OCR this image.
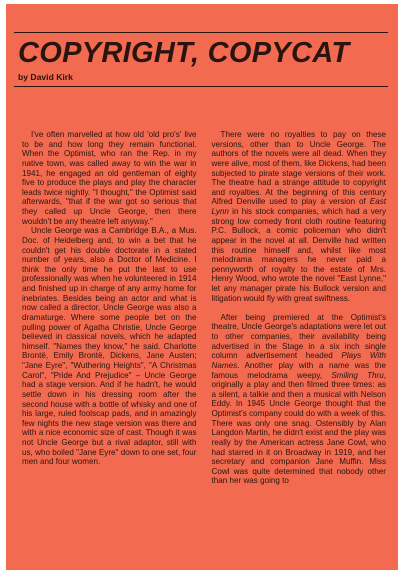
COPYRIGHT, COPYCAT
by David Kirk

I've often marvelled at how old 'old pro's' live to be and how long they remain functional. When the Optimist, who ran the Rep. in my native town, was called away to win the war in 1941, he engaged an old gentleman of eighty five to produce the plays and play the character leads twice nightly. "I thought," the Optimist said afterwards, "that if the war got so serious that they called up Uncle George, then there wouldn't be any theatre left anyway."

Uncle George was a Cambridge B.A., a Mus. Doc. of Heidelberg and, to win a bet that he couldn't get his double doctorate in a stated number of years, also a Doctor of Medicine. I think the only time he put the last to use professionally was when he volunteered in 1914 and finished up in charge of any army home for inebriates. Besides being an actor and what is now called a director, Uncle George was also a dramaturge. Where some people bet on the pulling power of Agatha Christie, Uncle George believed in classical novels, which he adapted himself. "Names they know," he said. Charlotte Brontë, Emily Brontë, Dickens, Jane Austen; "Jane Eyre", "Wuthering Heights", "A Christmas Carol", "Pride And Prejudice" – Uncle George had a stage version. And if he hadn't, he would settle down in his dressing room after the second house with a bottle of whisky and one of his large, ruled foolscap pads, and in amazingly few nights the new stage version was there and with a nice economic size of cast. Though it was not Uncle George but a rival adaptor, still with us, who boiled "Jane Eyre" down to one set, four men and four women.

There were no royalties to pay on these versions, other than to Uncle George. The authors of the novels were all dead. When they were alive, most of them, like Dickens, had been subjected to pirate stage versions of their work. The theatre had a strange attitude to copyright and royalties. At the beginning of this century Alfred Denville used to play a version of East Lynn in his stock companies, which had a very strong low comedy front cloth routine featuring P.C. Bullock, a comic policeman who didn't appear in the novel at all. Denville had written this routine himself and, whilst like most melodrama managers he never paid a pennyworth of royalty to the estate of Mrs. Henry Wood, who wrote the novel "East Lynne," let any manager pirate his Bullock version and litigation would fly with great swiftness.

After being premiered at the Optimist's theatre, Uncle George's adaptations were let out to other companies, their availability being advertised in the Stage in a six inch single column advertisement headed Plays With Names. Another play with a name was the famous melodrama weepy, Smiling Thru, originally a play and then filmed three times: as a silent, a talkie and then a musical with Nelson Eddy. In 1945 Uncle George thought that the Optimist's company could do with a week of this. There was only one snag. Ostensibly by Alan Langdon Martin, he didn't exist and the play was really by the American actress Jane Cowl, who had starred in it on Broadway in 1919, and her secretary and companion Jane Muffin. Miss Cowl was quite determined that nobody other than her was going to
